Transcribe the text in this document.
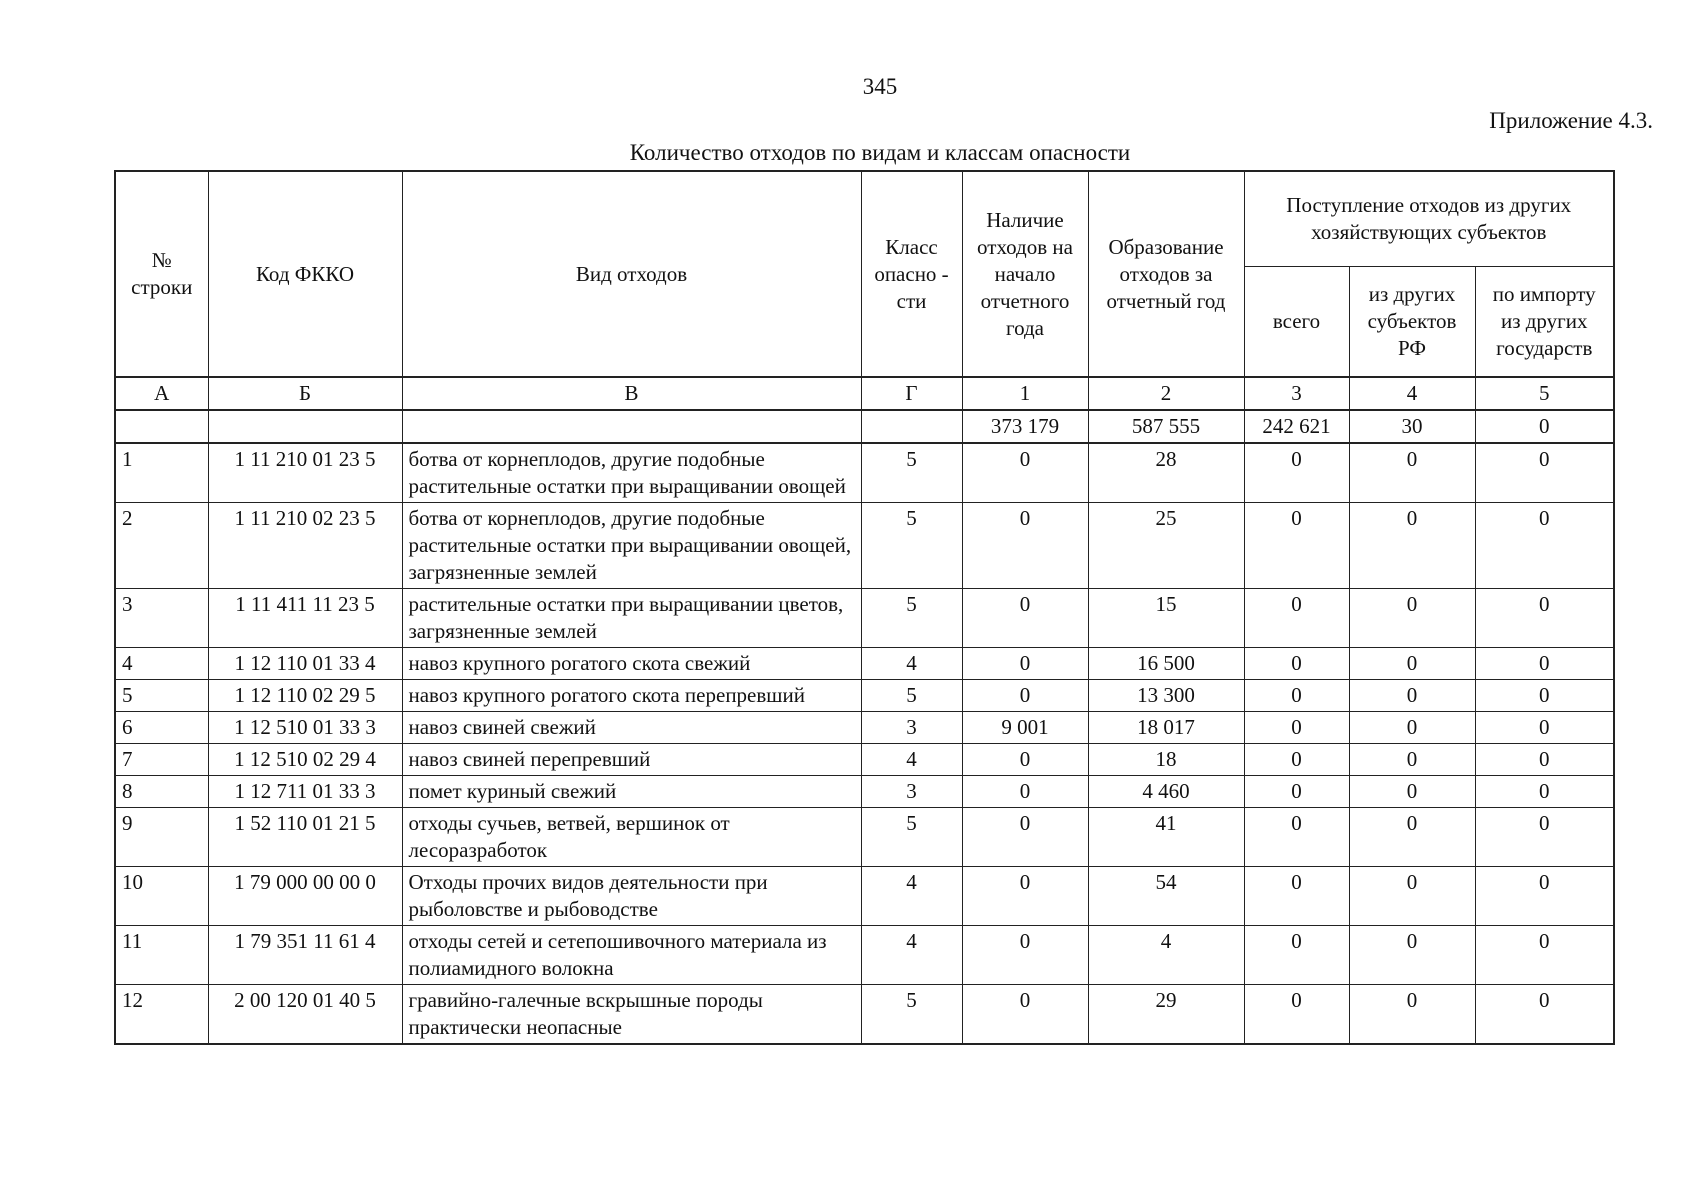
345
Приложение 4.3.
Количество отходов по видам и классам опасности
№ строки	Код ФККО	Вид отходов	Класс опасно - сти	Наличие отходов на начало отчетного года	Образование отходов за отчетный год	Поступление отходов из других хозяйствующих субъектов		
						всего	из других субъектов РФ	по импорту из других государств
А	Б	В	Г	1	2	3	4	5
				373 179	587 555	242 621	30	0
1	1 11 210 01 23 5	ботва от корнеплодов, другие подобные растительные остатки при выращивании овощей	5	0	28	0	0	0
2	1 11 210 02 23 5	ботва от корнеплодов, другие подобные растительные остатки при выращивании овощей, загрязненные землей	5	0	25	0	0	0
3	1 11 411 11 23 5	растительные остатки при выращивании цветов, загрязненные землей	5	0	15	0	0	0
4	1 12 110 01 33 4	навоз крупного рогатого скота свежий	4	0	16 500	0	0	0
5	1 12 110 02 29 5	навоз крупного рогатого скота перепревший	5	0	13 300	0	0	0
6	1 12 510 01 33 3	навоз свиней свежий	3	9 001	18 017	0	0	0
7	1 12 510 02 29 4	навоз свиней перепревший	4	0	18	0	0	0
8	1 12 711 01 33 3	помет куриный свежий	3	0	4 460	0	0	0
9	1 52 110 01 21 5	отходы сучьев, ветвей, вершинок от лесоразработок	5	0	41	0	0	0
10	1 79 000 00 00 0	Отходы прочих видов деятельности при рыболовстве и рыбоводстве	4	0	54	0	0	0
11	1 79 351 11 61 4	отходы сетей и сетепошивочного материала из полиамидного волокна	4	0	4	0	0	0
12	2 00 120 01 40 5	гравийно-галечные вскрышные породы практически неопасные	5	0	29	0	0	0
